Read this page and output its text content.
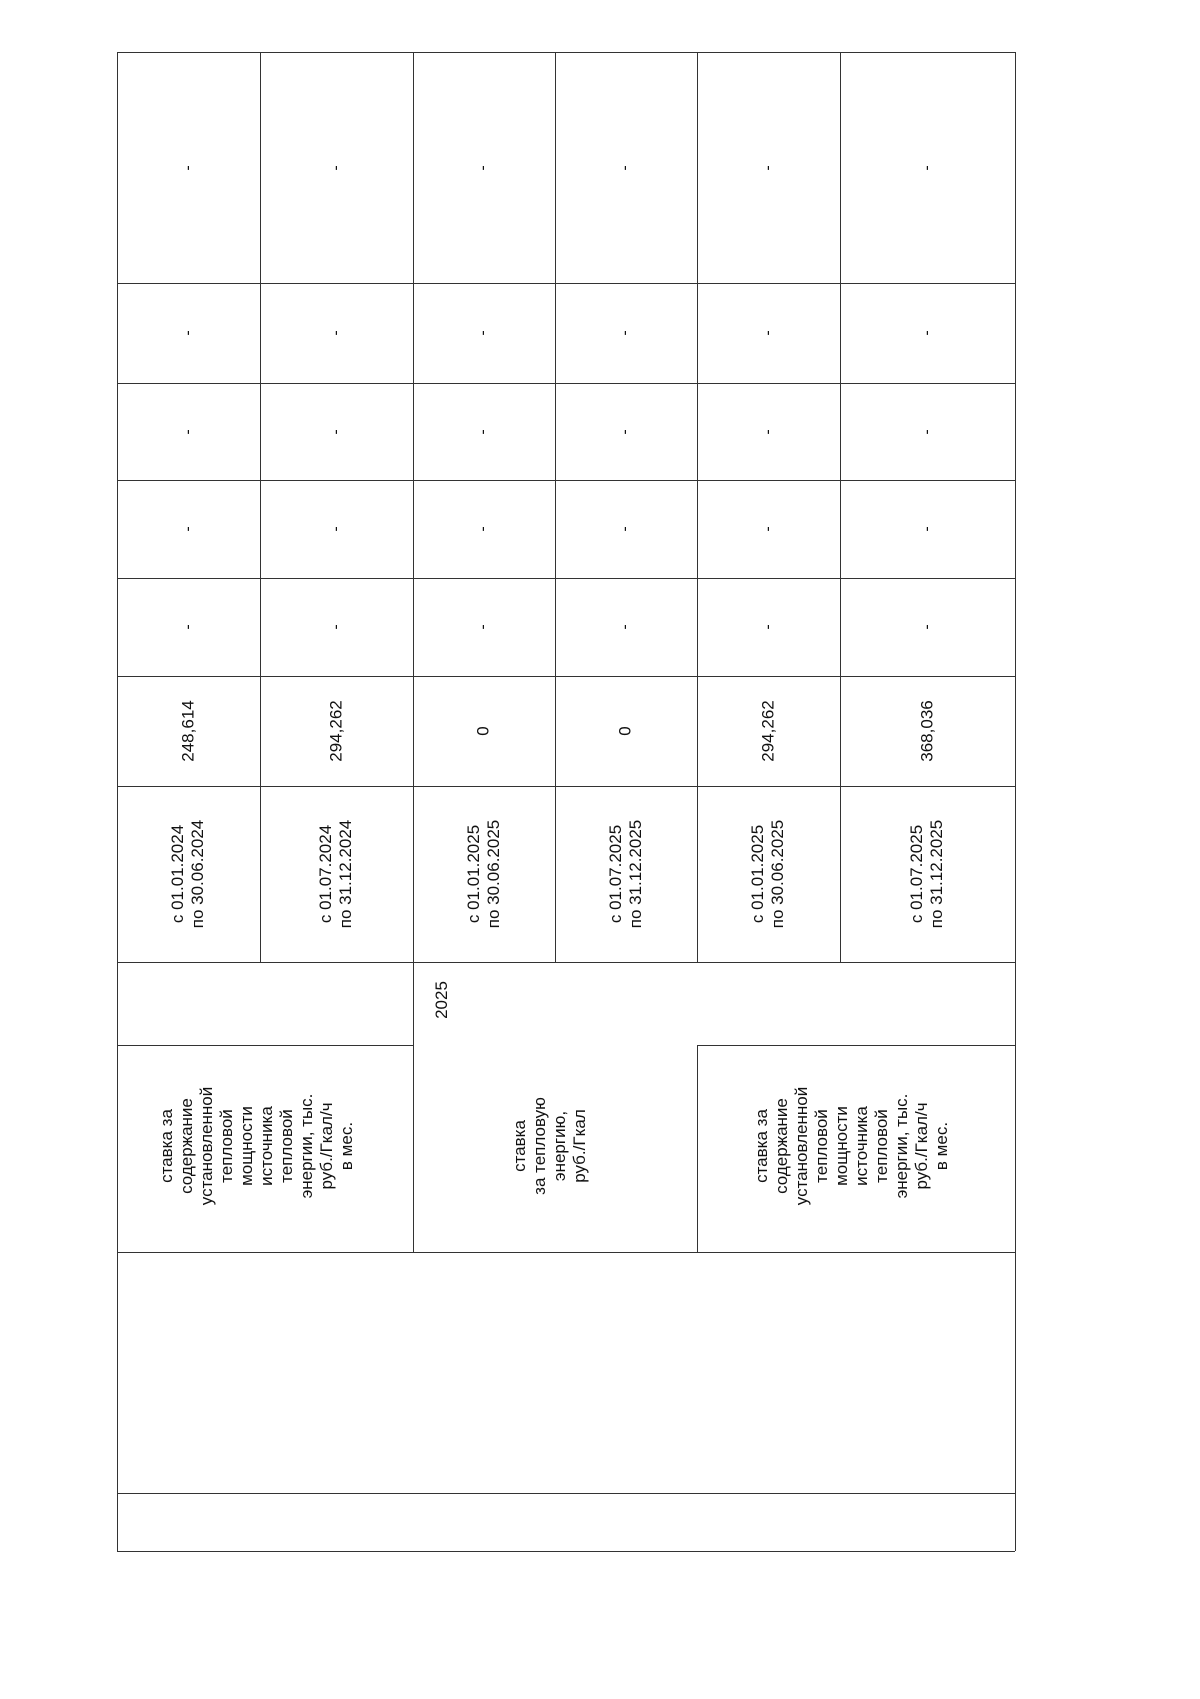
ставка за
содержание
установленной
тепловой
мощности
источника
тепловой
энергии, тыс.
руб./Гкал/ч
в мес.	ставка
за тепловую
энергию,
руб./Гкал	ставка за
содержание
установленной
тепловой
мощности
источника
тепловой
энергии, тыс.
руб./Гкал/ч
в мес.
2025
с 01.01.2024
по 30.06.2024
248,614
-
-
-
-
-
с 01.07.2024
по 31.12.2024
294,262
-
-
-
-
-
с 01.01.2025
по 30.06.2025
0
-
-
-
-
-
с 01.07.2025
по 31.12.2025
0
-
-
-
-
-
с 01.01.2025
по 30.06.2025
294,262
-
-
-
-
-
с 01.07.2025
по 31.12.2025
368,036
-
-
-
-
-
